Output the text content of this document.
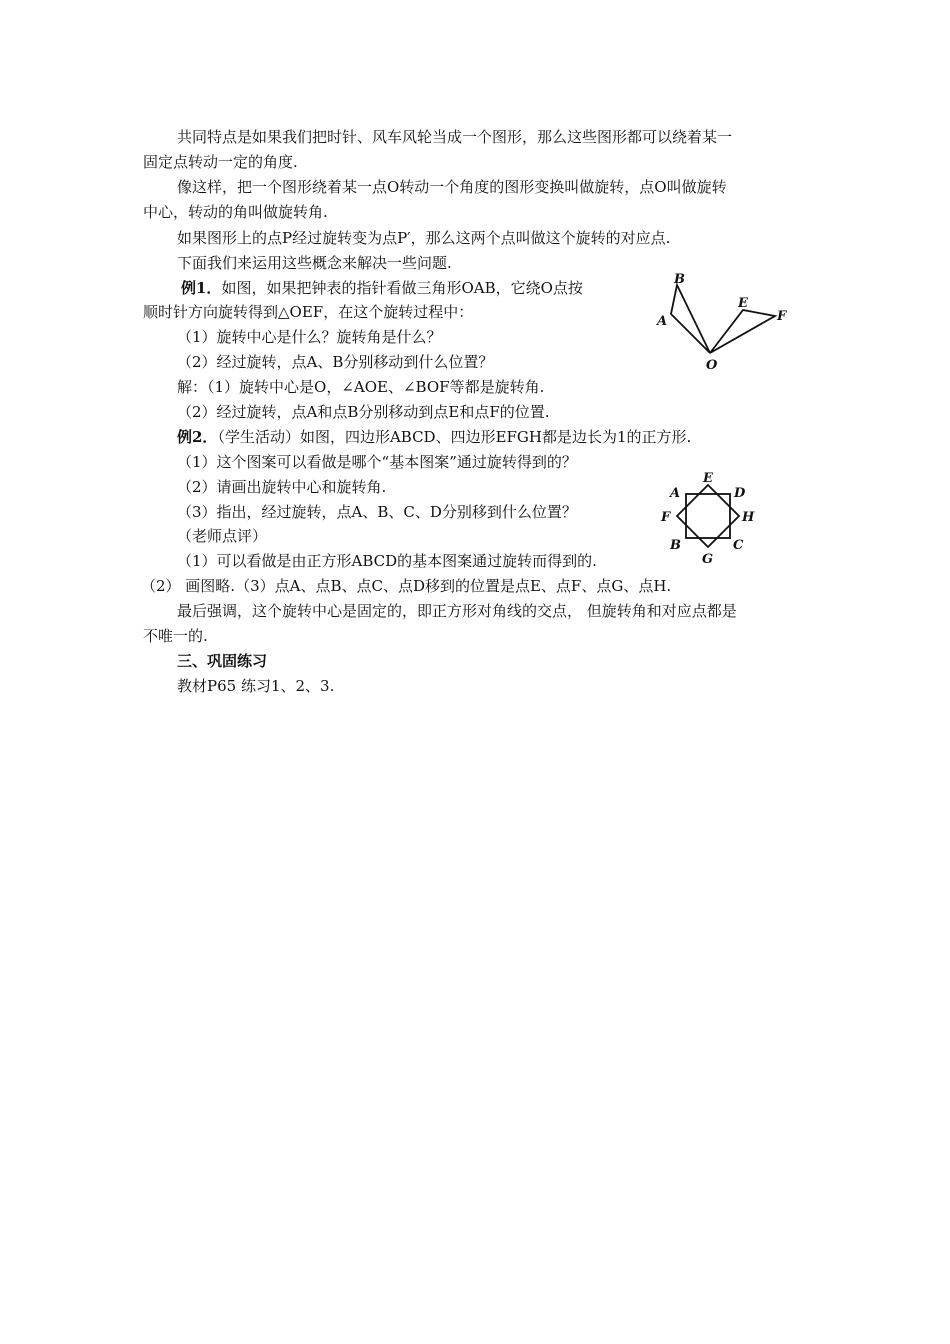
共同特点是如果我们把时针、风车风轮当成一个图形，那么这些图形都可以绕着某一
固定点转动一定的角度.
像这样，把一个图形绕着某一点O转动一个角度的图形变换叫做旋转，点O叫做旋转
中心，转动的角叫做旋转角.
如果图形上的点P经过旋转变为点P′，那么这两个点叫做这个旋转的对应点.
下面我们来运用这些概念来解决一些问题.
例1．如图，如果把钟表的指针看做三角形OAB，它绕O点按
顺时针方向旋转得到△OEF，在这个旋转过程中：
（1）旋转中心是什么？旋转角是什么？
（2）经过旋转，点A、B分别移动到什么位置？
解：（1）旋转中心是O，∠AOE、∠BOF等都是旋转角.
（2）经过旋转，点A和点B分别移动到点E和点F的位置.
B
A
E
F
O
例2．（学生活动）如图，四边形ABCD、四边形EFGH都是边长为1的正方形.
（1）这个图案可以看做是哪个“基本图案”通过旋转得到的？
（2）请画出旋转中心和旋转角.
（3）指出，经过旋转，点A、B、C、D分别移到什么位置？
（老师点评）
（1）可以看做是由正方形ABCD的基本图案通过旋转而得到的.
（2） 画图略.（3）点A、点B、点C、点D移到的位置是点E、点F、点G、点H.
最后强调，这个旋转中心是固定的，即正方形对角线的交点， 但旋转角和对应点都是
不唯一的.
A
E
D
F	H
B	C
G
三、巩固练习
教材P65 练习1、2、3.
